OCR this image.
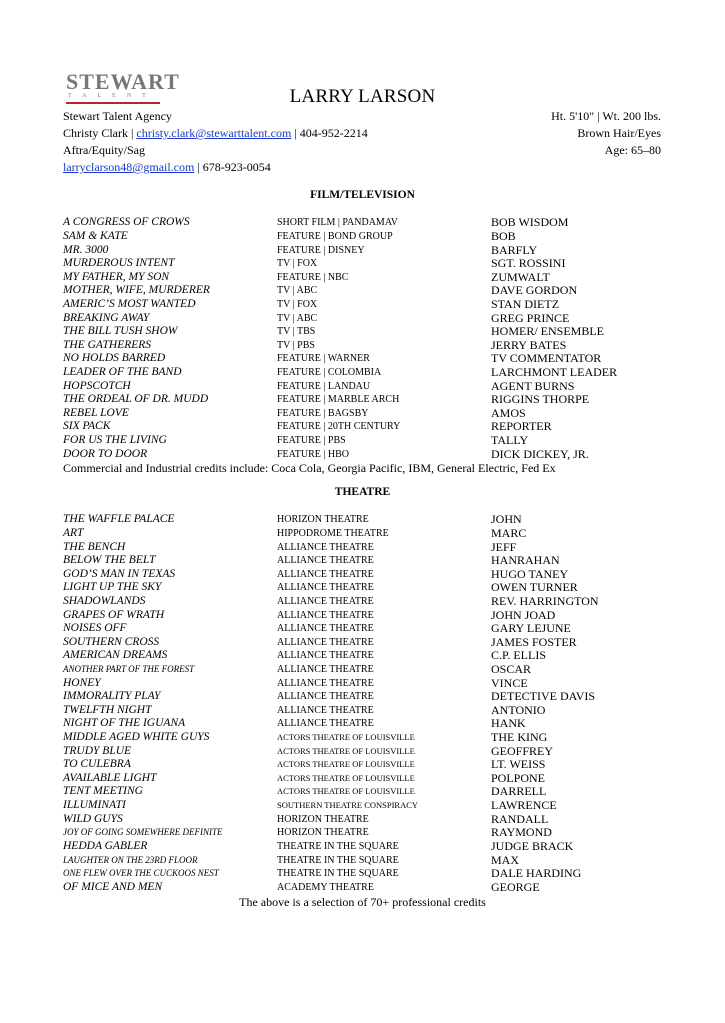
STEWART
TALENT	LARRY LARSON
Stewart Talent Agency
Christy Clark | christy.clark@stewarttalent.com | 404-952-2214
Aftra/Equity/Sag
larryclarson48@gmail.com | 678-923-0054
Ht. 5'10" | Wt. 200 lbs.
Brown Hair/Eyes
Age: 65–80
FILM/TELEVISION
A CONGRESS OF CROWS	SHORT FILM | PANDAMAV	BOB WISDOM
SAM & KATE	FEATURE | BOND GROUP	BOB
MR. 3000	FEATURE | DISNEY	BARFLY
MURDEROUS INTENT	TV | FOX	SGT. ROSSINI
MY FATHER, MY SON	FEATURE | NBC	ZUMWALT
MOTHER, WIFE, MURDERER	TV | ABC	DAVE GORDON
AMERIC’S MOST WANTED	TV | FOX	STAN DIETZ
BREAKING AWAY	TV | ABC	GREG PRINCE
THE BILL TUSH SHOW	TV | TBS	HOMER/ ENSEMBLE
THE GATHERERS	TV | PBS	JERRY BATES
NO HOLDS BARRED	FEATURE | WARNER	TV COMMENTATOR
LEADER OF THE BAND	FEATURE | COLOMBIA	LARCHMONT LEADER
HOPSCOTCH	FEATURE | LANDAU	AGENT BURNS
THE ORDEAL OF DR. MUDD	FEATURE | MARBLE ARCH	RIGGINS THORPE
REBEL LOVE	FEATURE | BAGSBY	AMOS
SIX PACK	FEATURE | 20TH CENTURY	REPORTER
FOR US THE LIVING	FEATURE | PBS	TALLY
DOOR TO DOOR	FEATURE | HBO	DICK DICKEY, JR.
Commercial and Industrial credits include: Coca Cola, Georgia Pacific, IBM, General Electric, Fed Ex
THEATRE
THE WAFFLE PALACE	HORIZON THEATRE	JOHN
ART	HIPPODROME THEATRE	MARC
THE BENCH	ALLIANCE THEATRE	JEFF
BELOW THE BELT	ALLIANCE THEATRE	HANRAHAN
GOD’S MAN IN TEXAS	ALLIANCE THEATRE	HUGO TANEY
LIGHT UP THE SKY	ALLIANCE THEATRE	OWEN TURNER
SHADOWLANDS	ALLIANCE THEATRE	REV. HARRINGTON
GRAPES OF WRATH	ALLIANCE THEATRE	JOHN JOAD
NOISES OFF	ALLIANCE THEATRE	GARY LEJUNE
SOUTHERN CROSS	ALLIANCE THEATRE	JAMES FOSTER
AMERICAN DREAMS	ALLIANCE THEATRE	C.P. ELLIS
ANOTHER PART OF THE FOREST	ALLIANCE THEATRE	OSCAR
HONEY	ALLIANCE THEATRE	VINCE
IMMORALITY PLAY	ALLIANCE THEATRE	DETECTIVE DAVIS
TWELFTH NIGHT	ALLIANCE THEATRE	ANTONIO
NIGHT OF THE IGUANA	ALLIANCE THEATRE	HANK
MIDDLE AGED WHITE GUYS	ACTORS THEATRE OF LOUISVILLE	THE KING
TRUDY BLUE	ACTORS THEATRE OF LOUISVILLE	GEOFFREY
TO CULEBRA	ACTORS THEATRE OF LOUISVILLE	LT. WEISS
AVAILABLE LIGHT	ACTORS THEATRE OF LOUISVILLE	POLPONE
TENT MEETING	ACTORS THEATRE OF LOUISVILLE	DARRELL
ILLUMINATI	SOUTHERN THEATRE CONSPIRACY	LAWRENCE
WILD GUYS	HORIZON THEATRE	RANDALL
JOY OF GOING SOMEWHERE DEFINITE	HORIZON THEATRE	RAYMOND
HEDDA GABLER	THEATRE IN THE SQUARE	JUDGE BRACK
LAUGHTER ON THE 23RD FLOOR	THEATRE IN THE SQUARE	MAX
ONE FLEW OVER THE CUCKOOS NEST	THEATRE IN THE SQUARE	DALE HARDING
OF MICE AND MEN	ACADEMY THEATRE	GEORGE
The above is a selection of 70+ professional credits
